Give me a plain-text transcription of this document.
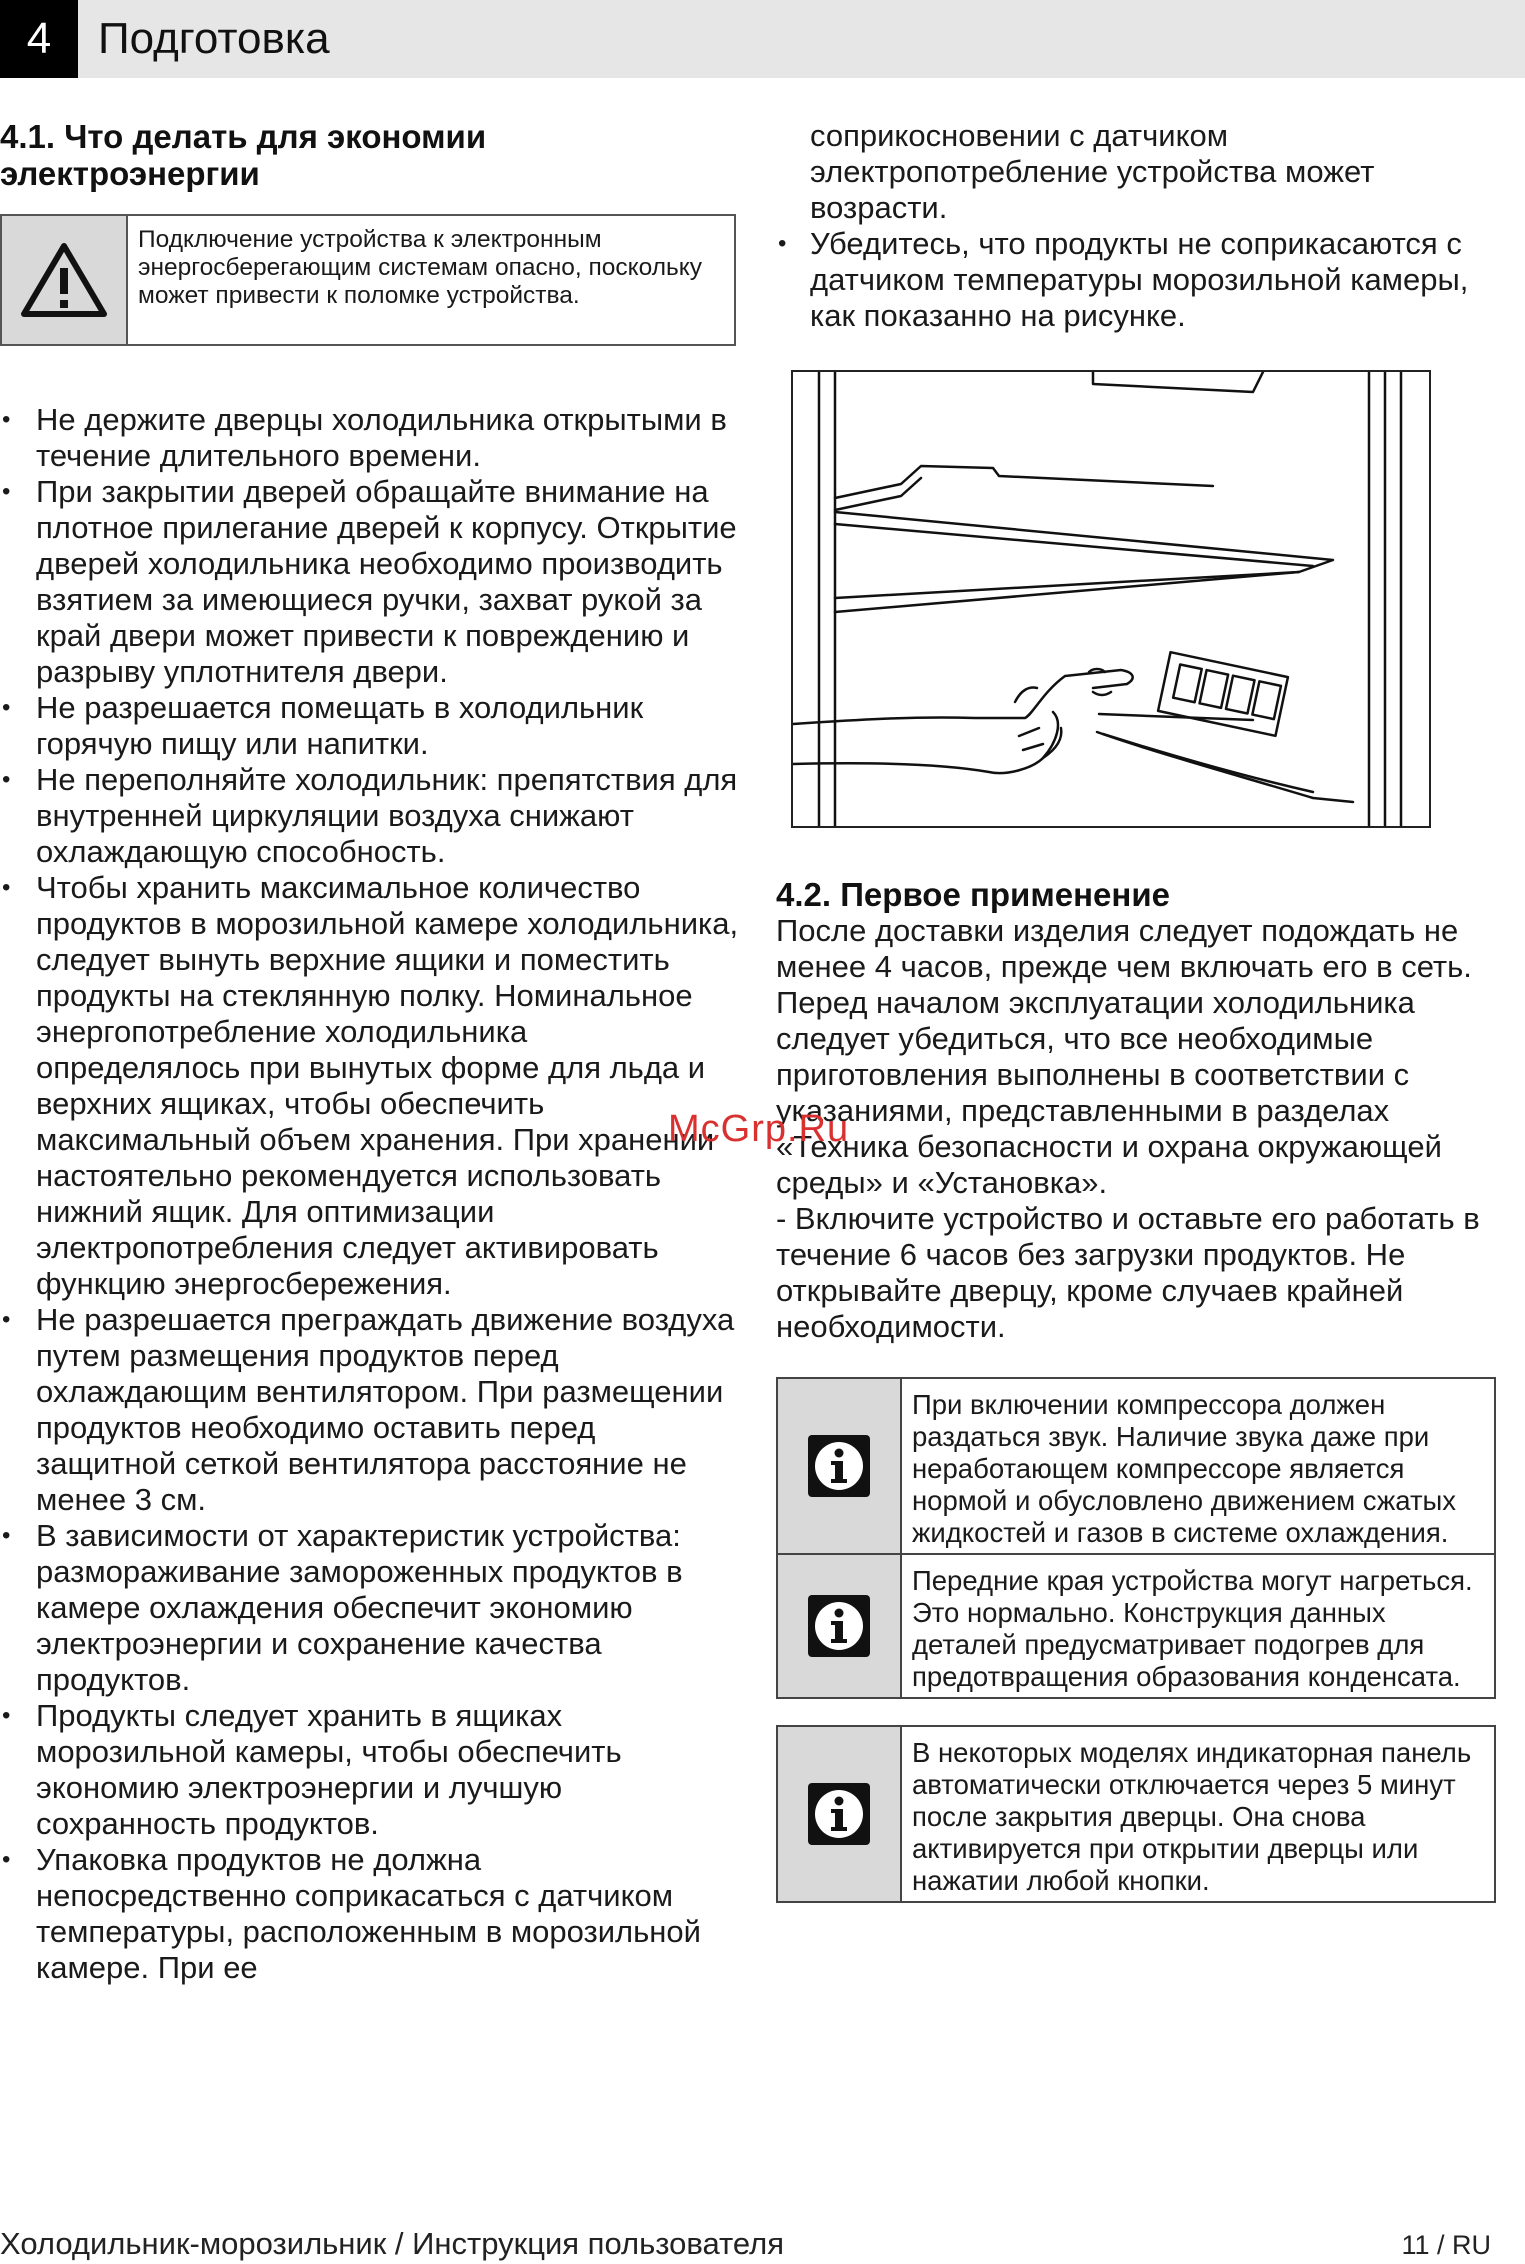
4	Подготовка
4.1. Что делать для экономии
электроэнергии
Подключение устройства к электронным энергосберегающим системам опасно, поскольку может привести к поломке устройства.
• Не держите дверцы холодильника открытыми в течение длительного времени.
• При закрытии дверей обращайте внимание на плотное прилегание дверей к корпусу. Открытие дверей холодильника необходимо производить взятием за имеющиеся ручки, захват рукой за край двери может привести к повреждению и разрыву уплотнителя двери.
• Не разрешается помещать в холодильник горячую пищу или напитки.
• Не переполняйте холодильник: препятствия для внутренней циркуляции воздуха снижают охлаждающую способность.
• Чтобы хранить максимальное количество продуктов в морозильной камере холодильника, следует вынуть верхние ящики и поместить продукты на стеклянную полку. Номинальное энергопотребление холодильника определялось при вынутых форме для льда и верхних ящиках, чтобы обеспечить максимальный объем хранения. При хранении настоятельно рекомендуется использовать нижний ящик. Для оптимизации электропотребления следует активировать функцию энергосбережения.
• Не разрешается преграждать движение воздуха путем размещения продуктов перед охлаждающим вентилятором. При размещении продуктов необходимо оставить перед защитной сеткой вентилятора расстояние не менее 3 см.
• В зависимости от характеристик устройства: размораживание замороженных продуктов в камере охлаждения обеспечит экономию электроэнергии и сохранение качества продуктов.
• Продукты следует хранить в ящиках морозильной камеры, чтобы обеспечить экономию электроэнергии и лучшую сохранность продуктов.
• Упаковка продуктов не должна непосредственно соприкасаться с датчиком температуры, расположенным в морозильной камере. При ее

соприкосновении с датчиком электропотребление устройства может возрасти.

• Убедитесь, что продукты не соприкасаются с датчиком температуры морозильной камеры, как показанно на рисунке.
4.2. Первое применение

После доставки изделия следует подождать не менее 4 часов, прежде чем включать его в сеть.

Перед началом эксплуатации холодильника следует убедиться, что все необходимые приготовления выполнены в соответствии с указаниями, представленными в разделах «Техника безопасности и охрана окружающей среды» и «Установка».

- Включите устройство и оставьте его работать в течение 6 часов без загрузки продуктов. Не открывайте дверцу, кроме случаев крайней необходимости.

При включении компрессора должен раздаться звук. Наличие звука даже при неработающем компрессоре является нормой и обусловлено движением сжатых жидкостей и газов в системе охлаждения.
Передние края устройства могут нагреться. Это нормально. Конструкция данных деталей предусматривает подогрев для предотвращения образования конденсата.
В некоторых моделях индикаторная панель автоматически отключается через 5 минут после закрытия дверцы. Она снова активируется при открытии дверцы или нажатии любой кнопки.
McGrp.Ru
Холодильник-морозильник / Инструкция пользователя	11 / RU
